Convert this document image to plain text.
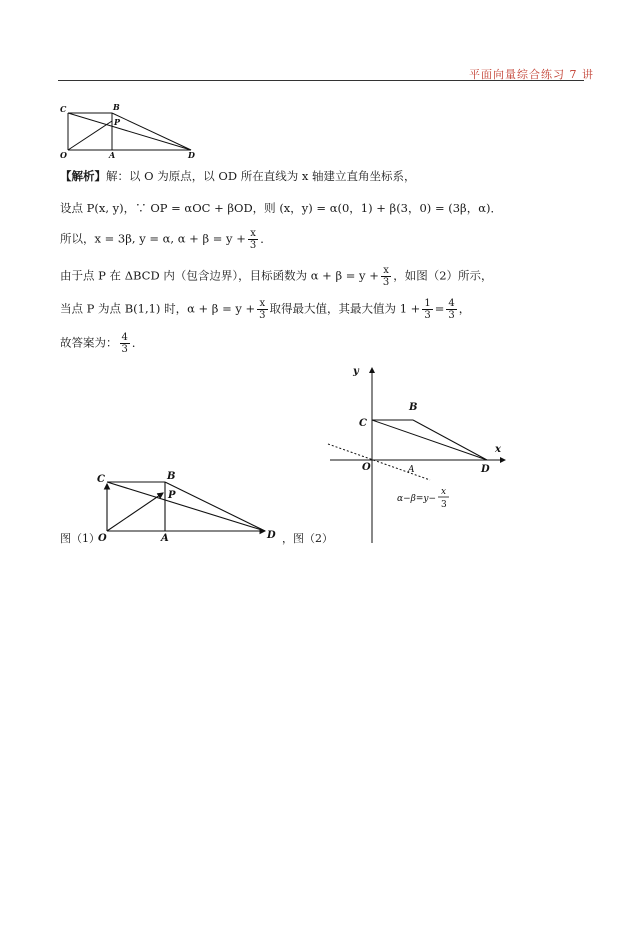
平面向量综合练习 7 讲
C	B
P
O	A	D
【解析】解：以 O 为原点，以 OD 所在直线为 x 轴建立直角坐标系，
设点 P(x, y)，∵ OP = αOC + βOD，则 (x，y) = α(0，1) + β(3，0) = (3β，α)．
所以，x = 3β, y = α, $\alpha + \beta = y + \frac{x}{3}$ ．
由于点 P 在 ΔBCD 内（包含边界），目标函数为 $\alpha + \beta = y + \frac{x}{3}$ ，如图（2）所示，
当点 P 为点 B(1,1) 时，$\alpha + \beta = y + \frac{x}{3}$ 取得最大值，其最大值为 $1 + \frac{1}{3} = \frac{4}{3}$ ，
故答案为： $\frac{4}{3}$ ．
C	B
P
O	A	D
图（1）	，图（2）
y
x
C
B
O	A	D
α−β=y−
x
3
